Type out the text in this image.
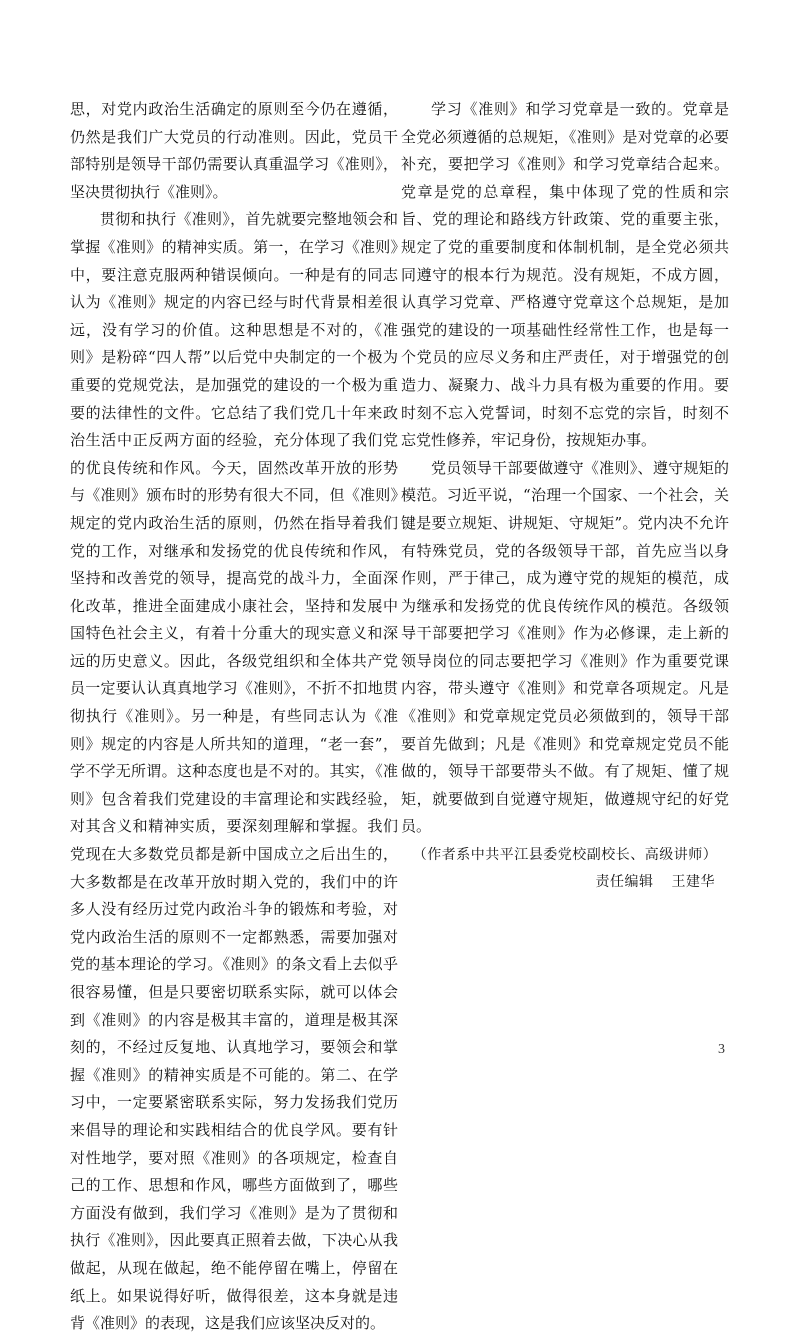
思，对党内政治生活确定的原则至今仍在遵循，仍然是我们广大党员的行动准则。因此，党员干部特别是领导干部仍需要认真重温学习《准则》，坚决贯彻执行《准则》。

贯彻和执行《准则》，首先就要完整地领会和掌握《准则》的精神实质。第一，在学习《准则》中，要注意克服两种错误倾向。一种是有的同志认为《准则》规定的内容已经与时代背景相差很远，没有学习的价值。这种思想是不对的，《准则》是粉碎“四人帮”以后党中央制定的一个极为重要的党规党法，是加强党的建设的一个极为重要的法律性的文件。它总结了我们党几十年来政治生活中正反两方面的经验，充分体现了我们党的优良传统和作风。今天，固然改革开放的形势与《准则》颁布时的形势有很大不同，但《准则》规定的党内政治生活的原则，仍然在指导着我们党的工作，对继承和发扬党的优良传统和作风，坚持和改善党的领导，提高党的战斗力，全面深化改革，推进全面建成小康社会，坚持和发展中国特色社会主义，有着十分重大的现实意义和深远的历史意义。因此，各级党组织和全体共产党员一定要认认真真地学习《准则》，不折不扣地贯彻执行《准则》。另一种是，有些同志认为《准则》规定的内容是人所共知的道理，“老一套”，学不学无所谓。这种态度也是不对的。其实，《准则》包含着我们党建设的丰富理论和实践经验，对其含义和精神实质，要深刻理解和掌握。我们党现在大多数党员都是新中国成立之后出生的，大多数都是在改革开放时期入党的，我们中的许多人没有经历过党内政治斗争的锻炼和考验，对党内政治生活的原则不一定都熟悉，需要加强对党的基本理论的学习。《准则》的条文看上去似乎很容易懂，但是只要密切联系实际，就可以体会到《准则》的内容是极其丰富的，道理是极其深刻的，不经过反复地、认真地学习，要领会和掌握《准则》的精神实质是不可能的。第二、在学习中，一定要紧密联系实际，努力发扬我们党历来倡导的理论和实践相结合的优良学风。要有针对性地学，要对照《准则》的各项规定，检查自己的工作、思想和作风，哪些方面做到了，哪些方面没有做到，我们学习《准则》是为了贯彻和执行《准则》，因此要真正照着去做，下决心从我做起，从现在做起，绝不能停留在嘴上，停留在纸上。如果说得好听，做得很差，这本身就是违背《准则》的表现，这是我们应该坚决反对的。

学习《准则》和学习党章是一致的。党章是全党必须遵循的总规矩，《准则》是对党章的必要补充，要把学习《准则》和学习党章结合起来。党章是党的总章程，集中体现了党的性质和宗旨、党的理论和路线方针政策、党的重要主张，规定了党的重要制度和体制机制，是全党必须共同遵守的根本行为规范。没有规矩，不成方圆，认真学习党章、严格遵守党章这个总规矩，是加强党的建设的一项基础性经常性工作，也是每一个党员的应尽义务和庄严责任，对于增强党的创造力、凝聚力、战斗力具有极为重要的作用。要时刻不忘入党誓词，时刻不忘党的宗旨，时刻不忘党性修养，牢记身份，按规矩办事。

党员领导干部要做遵守《准则》、遵守规矩的模范。习近平说，“治理一个国家、一个社会，关键是要立规矩、讲规矩、守规矩”。党内决不允许有特殊党员，党的各级领导干部，首先应当以身作则，严于律己，成为遵守党的规矩的模范，成为继承和发扬党的优良传统作风的模范。各级领导干部要把学习《准则》作为必修课，走上新的领导岗位的同志要把学习《准则》作为重要党课内容，带头遵守《准则》和党章各项规定。凡是《准则》和党章规定党员必须做到的，领导干部要首先做到；凡是《准则》和党章规定党员不能做的，领导干部要带头不做。有了规矩、懂了规矩，就要做到自觉遵守规矩，做遵规守纪的好党员。

（作者系中共平江县委党校副校长、高级讲师）

责任编辑 王建华

3
